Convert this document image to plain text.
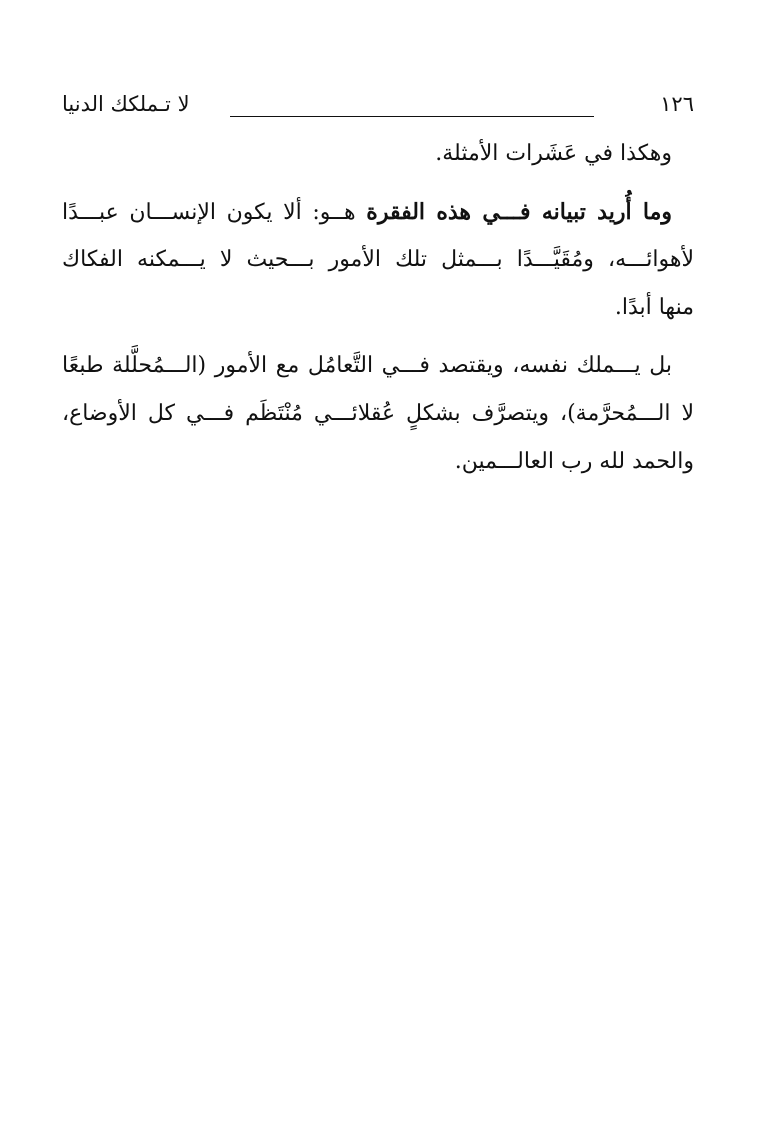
١٢٦
لا تـملكك الدنيا
وهكذا في عَشَرات الأمثلة.
وما أُريد تبيانه فـــي هذه الفقرة هــو: ألا يكون الإنســـان عبـــدًا
لأهوائـــه، ومُقَيَّـــدًا بـــمثل تلك الأمور بـــحيث لا يـــمكنه الفكاك
منها أبدًا.
بل يـــملك نفسه، ويقتصد فـــي التَّعامُل مع الأمور (الـــمُحلَّلة طبعًا
لا الـــمُحرَّمة)، ويتصرَّف بشكلٍ عُقلائـــي مُنْتَظَم فـــي كل الأوضاع،
والحمد لله رب العالـــمين.
